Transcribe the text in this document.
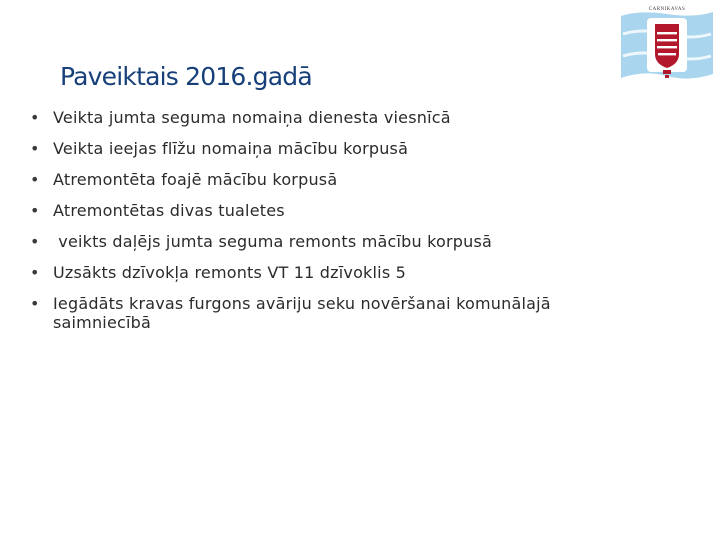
CARNIKAVAS
Paveiktais 2016.gadā
• Veikta jumta seguma nomaiņa dienesta viesnīcā
• Veikta ieejas flīžu nomaiņa mācību korpusā
• Atremontēta foajē mācību korpusā
• Atremontētas divas tualetes
• veikts daļējs jumta seguma remonts mācību korpusā
• Uzsākts dzīvokļa remonts VT 11 dzīvoklis 5
• Iegādāts kravas furgons avāriju seku novēršanai komunālajā saimniecībā
